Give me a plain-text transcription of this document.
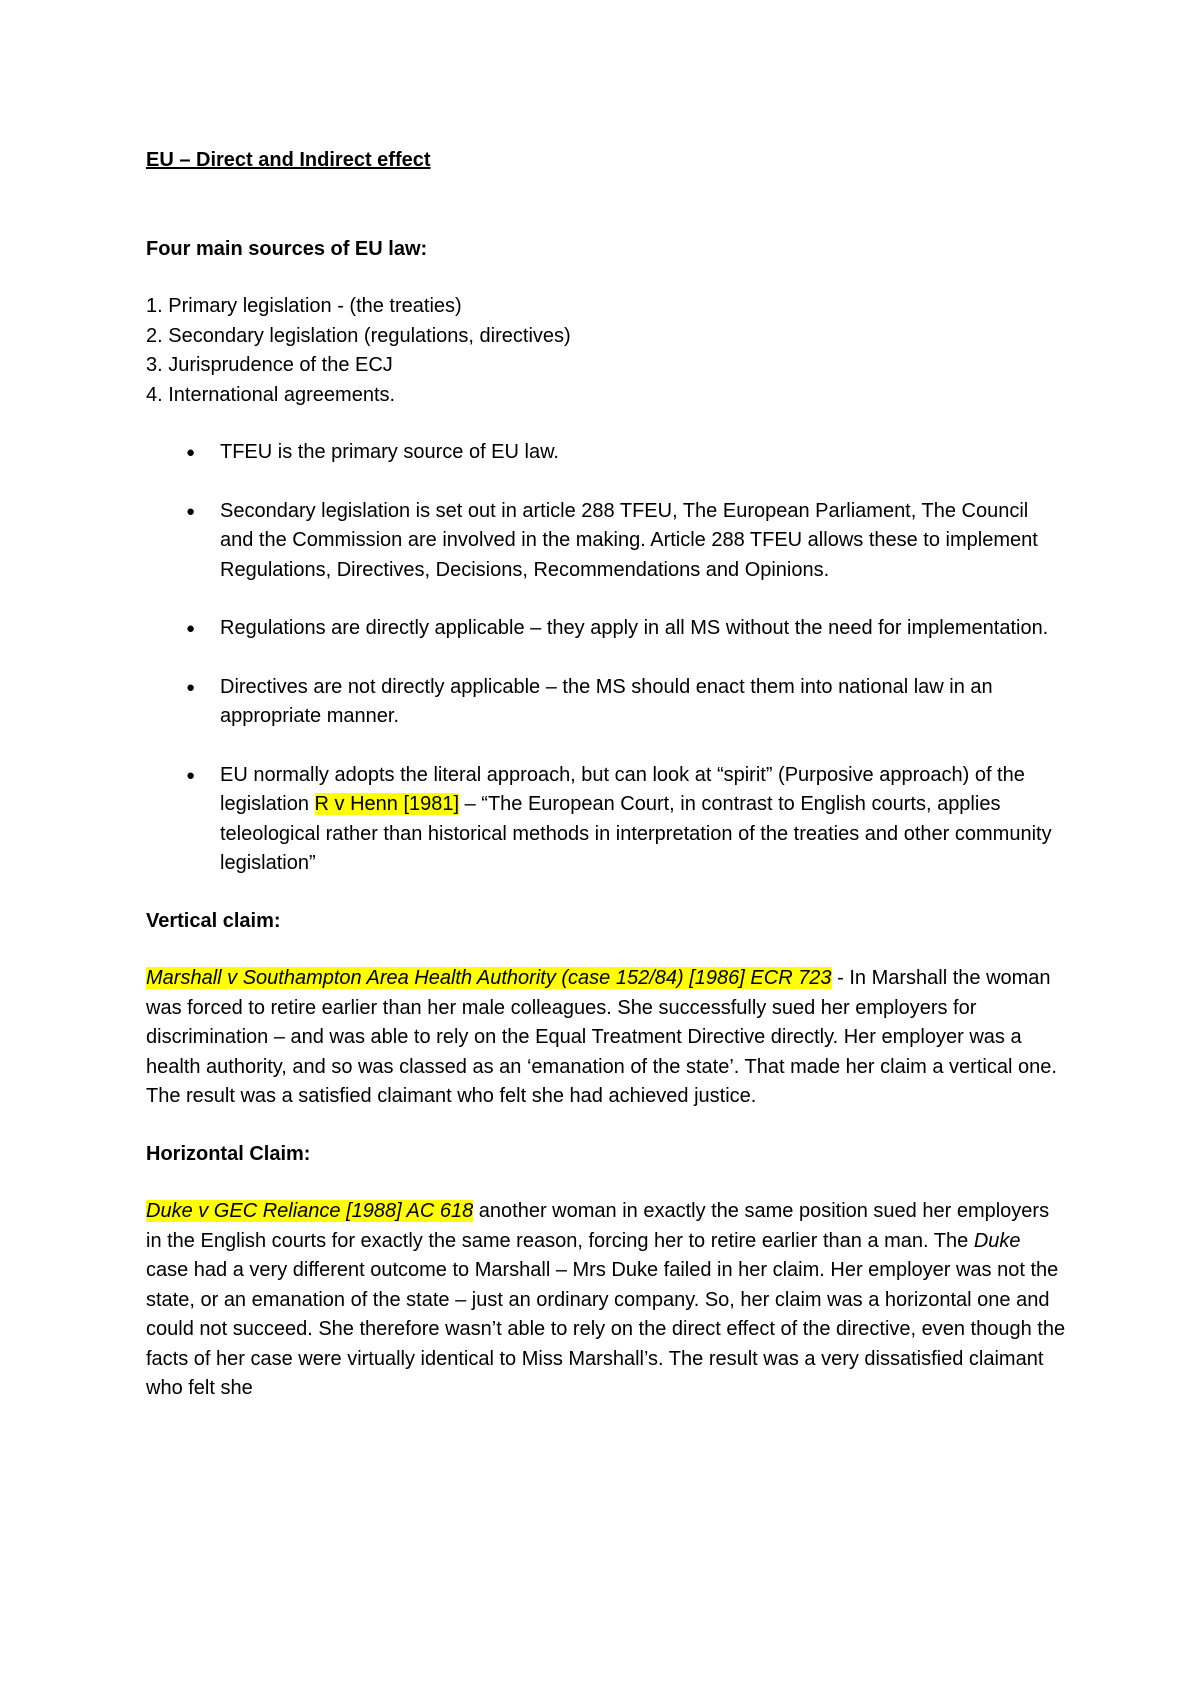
EU – Direct and Indirect effect

Four main sources of EU law:

1. Primary legislation - (the treaties)
2. Secondary legislation (regulations, directives)
3. Jurisprudence of the ECJ
4. International agreements.
● TFEU is the primary source of EU law.
● Secondary legislation is set out in article 288 TFEU, The European Parliament, The Council and the Commission are involved in the making. Article 288 TFEU allows these to implement Regulations, Directives, Decisions, Recommendations and Opinions.
● Regulations are directly applicable – they apply in all MS without the need for implementation.
● Directives are not directly applicable – the MS should enact them into national law in an appropriate manner.
● EU normally adopts the literal approach, but can look at “spirit” (Purposive approach) of the legislation R v Henn [1981] – “The European Court, in contrast to English courts, applies teleological rather than historical methods in interpretation of the treaties and other community legislation”

Vertical claim:

Marshall v Southampton Area Health Authority (case 152/84) [1986] ECR 723 - In Marshall the woman was forced to retire earlier than her male colleagues. She successfully sued her employers for discrimination – and was able to rely on the Equal Treatment Directive directly. Her employer was a health authority, and so was classed as an ‘emanation of the state’. That made her claim a vertical one. The result was a satisfied claimant who felt she had achieved justice.

Horizontal Claim:

Duke v GEC Reliance [1988] AC 618 another woman in exactly the same position sued her employers in the English courts for exactly the same reason, forcing her to retire earlier than a man. The Duke case had a very different outcome to Marshall – Mrs Duke failed in her claim. Her employer was not the state, or an emanation of the state – just an ordinary company. So, her claim was a horizontal one and could not succeed. She therefore wasn’t able to rely on the direct effect of the directive, even though the facts of her case were virtually identical to Miss Marshall’s. The result was a very dissatisfied claimant who felt she
